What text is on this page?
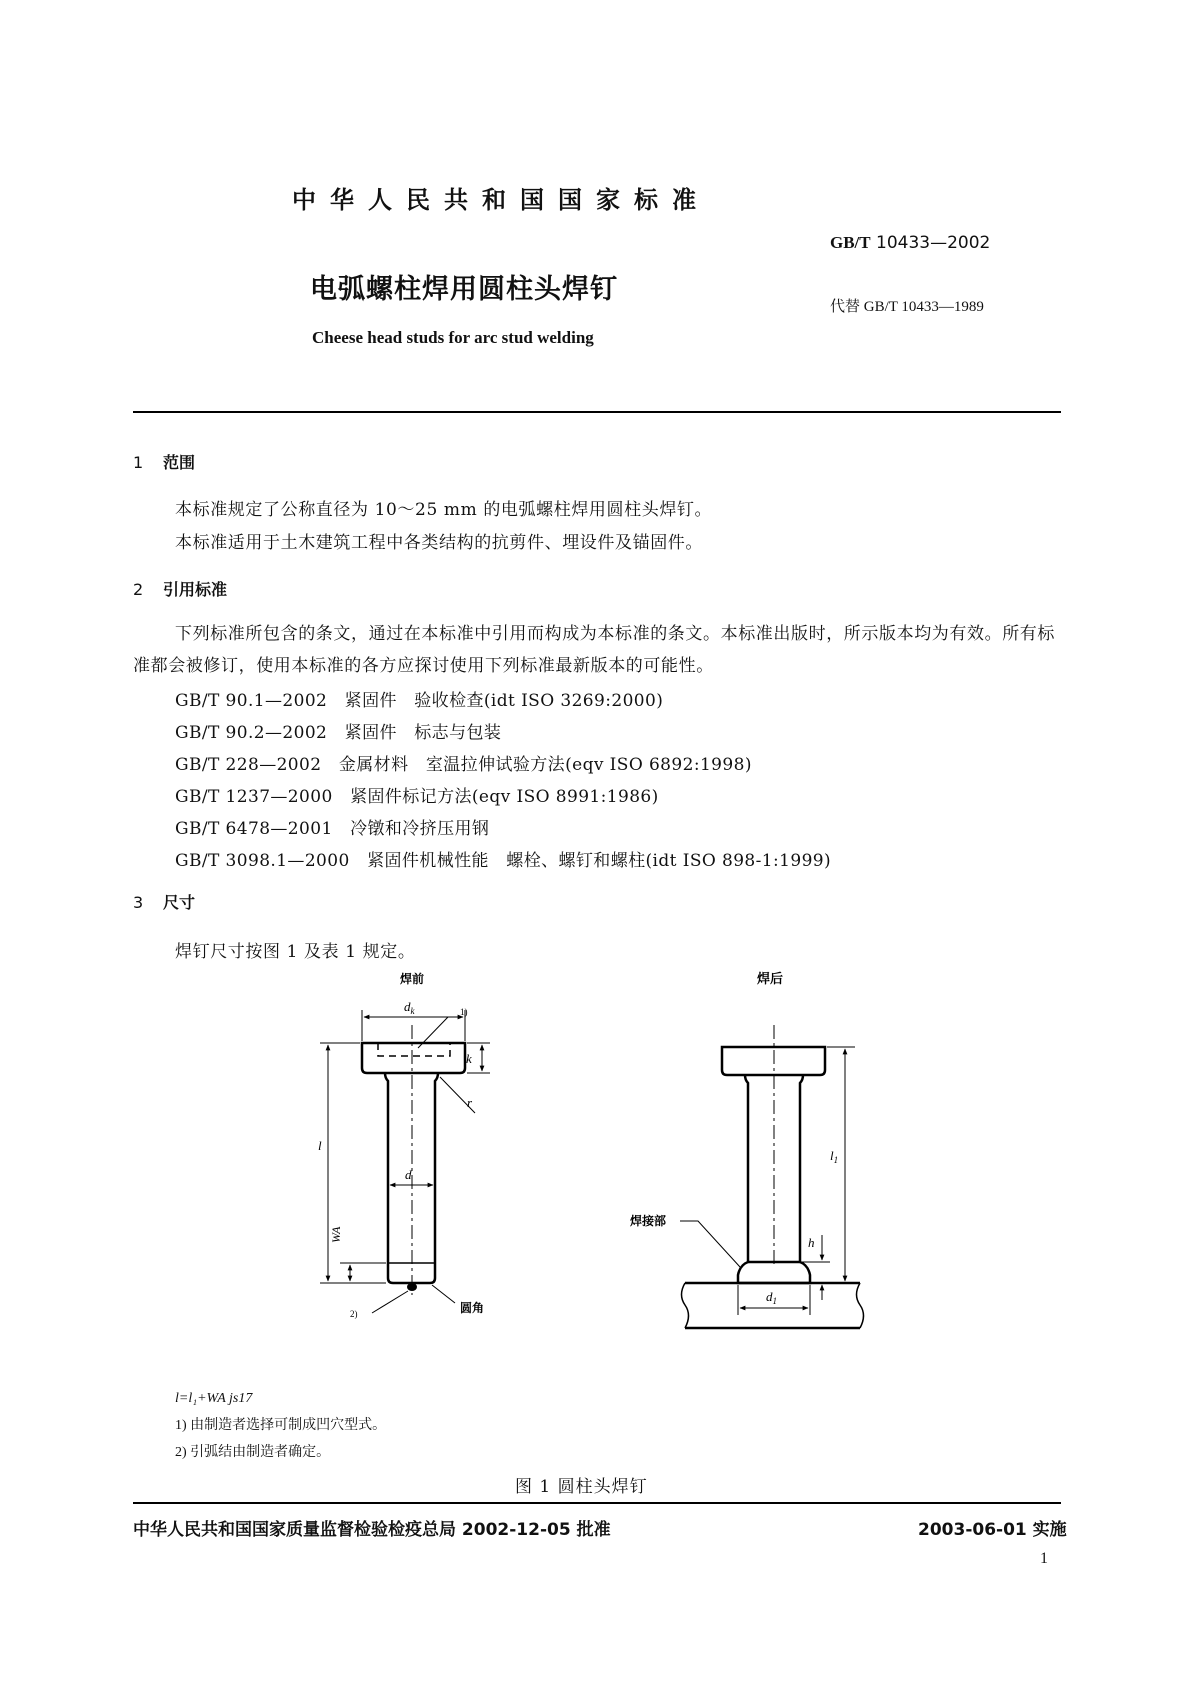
中华人民共和国国家标准
GB/T 10433—2002
电弧螺柱焊用圆柱头焊钉
代替 GB/T 10433—1989
Cheese head studs for arc stud welding
1 范围
本标准规定了公称直径为 10～25 mm 的电弧螺柱焊用圆柱头焊钉。
本标准适用于土木建筑工程中各类结构的抗剪件、埋设件及锚固件。
2 引用标准
下列标准所包含的条文，通过在本标准中引用而构成为本标准的条文。本标准出版时，所示版本均为有效。所有标准都会被修订，使用本标准的各方应探讨使用下列标准最新版本的可能性。
GB/T 90.1—2002   紧固件   验收检查(idt ISO 3269:2000)
GB/T 90.2—2002   紧固件   标志与包装
GB/T 228—2002   金属材料   室温拉伸试验方法(eqv ISO 6892:1998)
GB/T 1237—2000   紧固件标记方法(eqv ISO 8991:1986)
GB/T 6478—2001   冷镦和冷挤压用钢
GB/T 3098.1—2000   紧固件机械性能   螺栓、螺钉和螺柱(idt ISO 898-1:1999)
3 尺寸
焊钉尺寸按图 1 及表 1 规定。
焊前
$d_k$	1)
k
r
l
WA
d
2)	圆角
焊后
$l_1$
h
焊接部
$d_1$
l=l₁+WA js17
1) 由制造者选择可制成凹穴型式。
2) 引弧结由制造者确定。
图 1 圆柱头焊钉
中华人民共和国国家质量监督检验检疫总局 2002-12-05 批准	2003-06-01 实施
1
